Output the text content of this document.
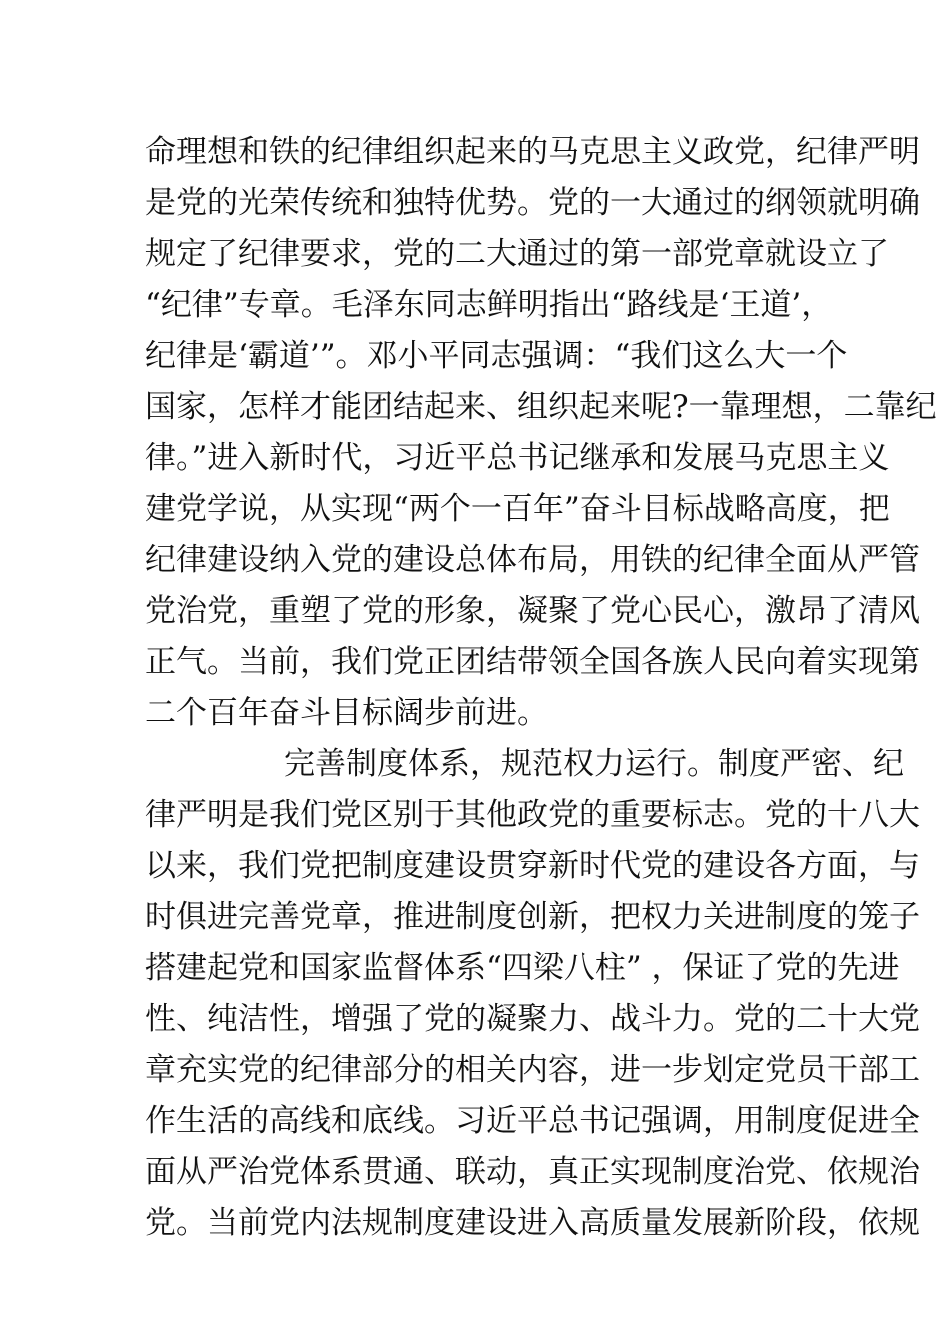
命理想和铁的纪律组织起来的马克思主义政党，纪律严明
是党的光荣传统和独特优势。党的一大通过的纲领就明确
规定了纪律要求，党的二大通过的第一部党章就设立了
“纪律”专章。毛泽东同志鲜明指出“路线是‘王道’，
纪律是‘霸道’”。邓小平同志强调：“我们这么大一个
国家，怎样才能团结起来、组织起来呢?一靠理想，二靠纪
律。”进入新时代，习近平总书记继承和发展马克思主义
建党学说，从实现“两个一百年”奋斗目标战略高度，把
纪律建设纳入党的建设总体布局，用铁的纪律全面从严管
党治党，重塑了党的形象，凝聚了党心民心，激昂了清风
正气。当前，我们党正团结带领全国各族人民向着实现第
二个百年奋斗目标阔步前进。
完善制度体系，规范权力运行。制度严密、纪
律严明是我们党区别于其他政党的重要标志。党的十八大
以来，我们党把制度建设贯穿新时代党的建设各方面，与
时俱进完善党章，推进制度创新，把权力关进制度的笼子
搭建起党和国家监督体系“四梁八柱” ，保证了党的先进
性、纯洁性，增强了党的凝聚力、战斗力。党的二十大党
章充实党的纪律部分的相关内容，进一步划定党员干部工
作生活的高线和底线。习近平总书记强调，用制度促进全
面从严治党体系贯通、联动，真正实现制度治党、依规治
党。当前党内法规制度建设进入高质量发展新阶段，依规
